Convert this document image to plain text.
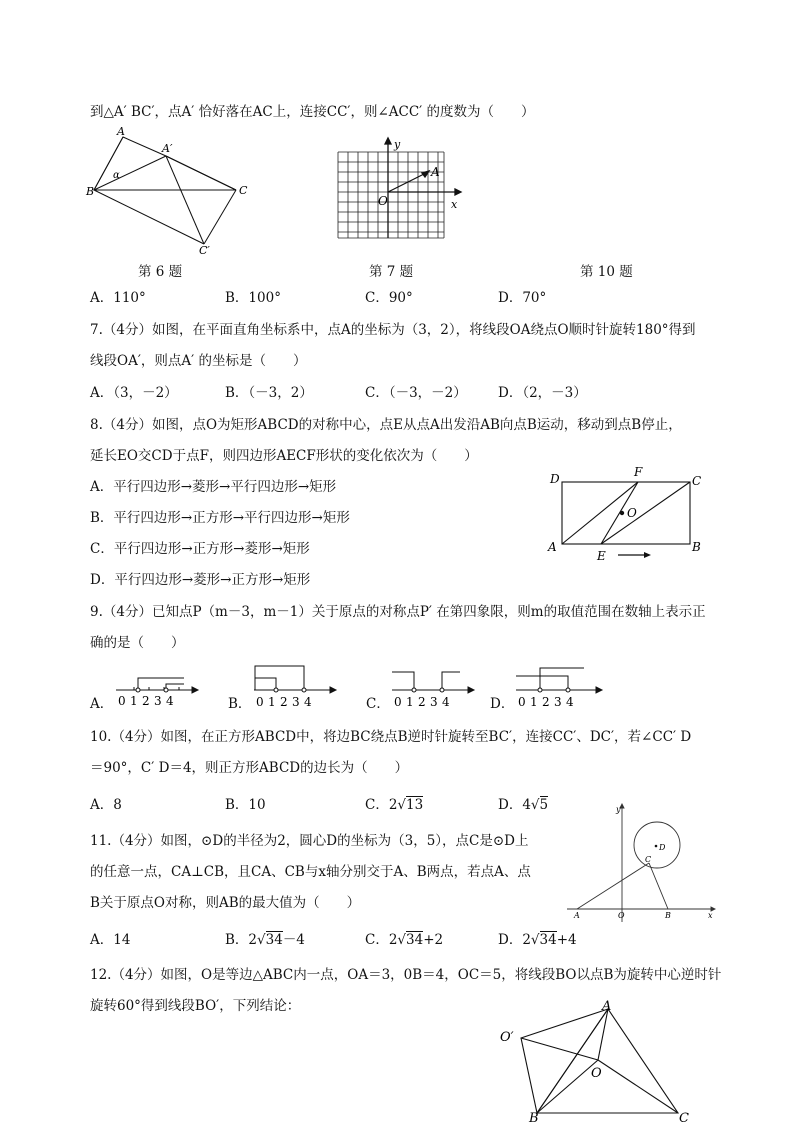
到△A′ BC′，点A′ 恰好落在AC上，连接CC′，则∠ACC′ 的度数为（　　）
A
A′
B	C
C′
α
y
A
O	x
第 6 题	第 7 题	第 10 题
A．110°	B．100°	C．90°	D．70°
7.（4分）如图，在平面直角坐标系中，点A的坐标为（3，2），将线段OA绕点O顺时针旋转180°得到
线段OA′，则点A′ 的坐标是（　　）
A．（3，－2）	B．（－3，2）	C．（－3，－2） D．（2，－3）
8.（4分）如图，点O为矩形ABCD的对称中心，点E从点A出发沿AB向点B运动，移动到点B停止，
延长EO交CD于点F，则四边形AECF形状的变化依次为（　　）
A．平行四边形→菱形→平行四边形→矩形
B．平行四边形→正方形→平行四边形→矩形
C．平行四边形→正方形→菱形→矩形
D．平行四边形→菱形→正方形→矩形
D	F
C
O
A
E
B
9.（4分）已知点P（m－3，m－1）关于原点的对称点P′ 在第四象限，则m的取值范围在数轴上表示正
确的是（　　）
A． 0 1 2 3 4	B． 0 1 2 3 4	C． 0 1 2 3 4	D． 0 1 2 3 4
10.（4分）如图，在正方形ABCD中，将边BC绕点B逆时针旋转至BC′，连接CC′、DC′，若∠CC′ D
＝90°，C′ D＝4，则正方形ABCD的边长为（　　）
A．8	B．10	C．2√13	D．4√5
11.（4分）如图，⊙D的半径为2，圆心D的坐标为（3，5），点C是⊙D上
的任意一点，CA⊥CB，且CA、CB与x轴分别交于A、B两点，若点A、点
B关于原点O对称，则AB的最大值为（　　）
y
D
C
A	O	B	x
A．14	B．2√34－4	C．2√34+2	D．2√34+4
12.（4分）如图，O是等边△ABC内一点，OA＝3，0B＝4，OC＝5，将线段BO以点B为旋转中心逆时针
旋转60°得到线段BO′，下列结论：	A
O′
O
B	C
